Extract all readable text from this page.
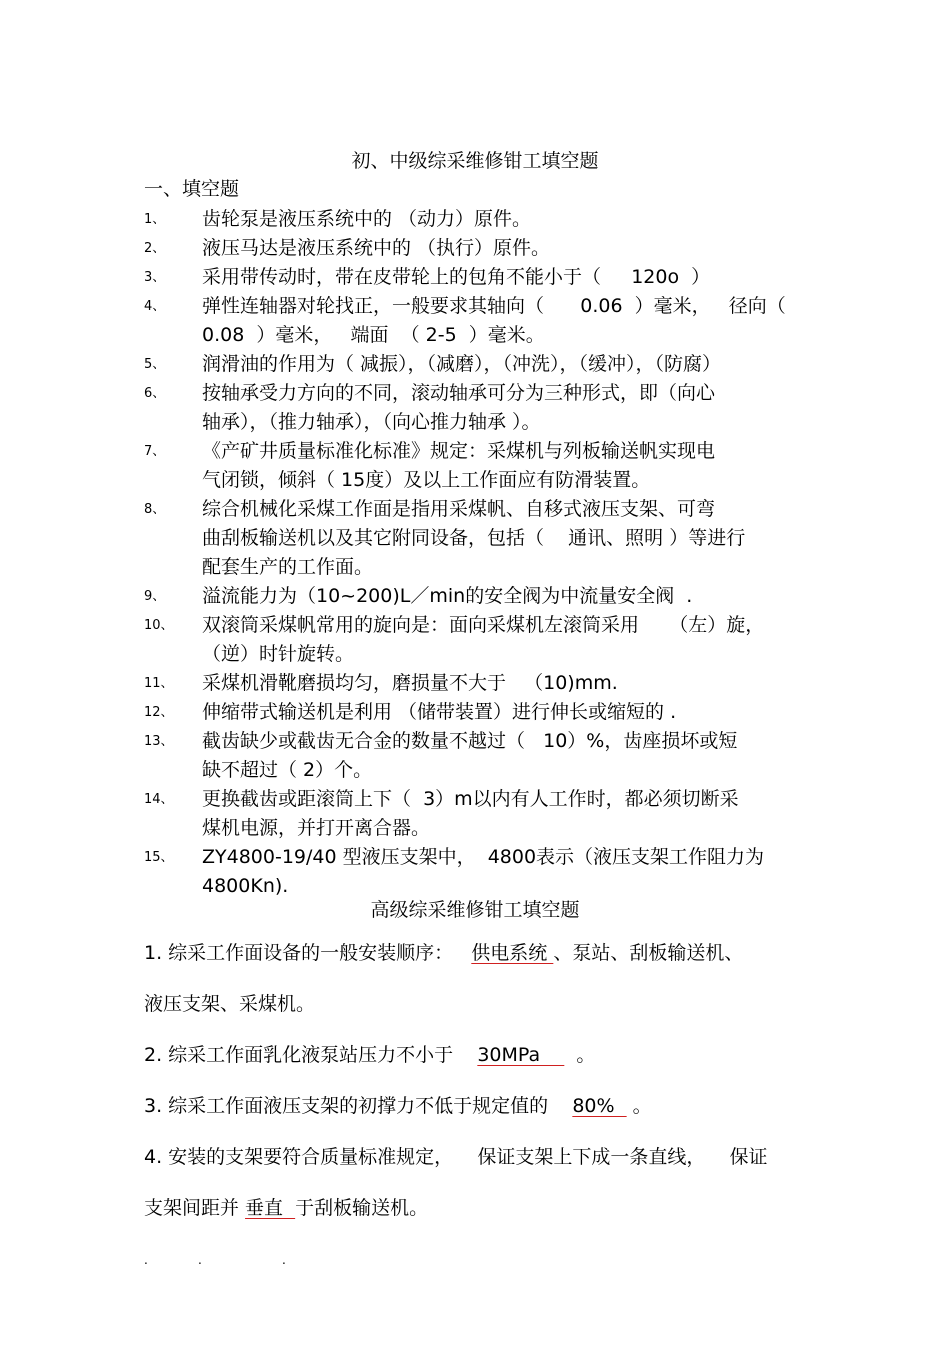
初、中级综采维修钳工填空题
一、填空题
1、 齿轮泵是液压系统中的 （动力）原件。
2、 液压马达是液压系统中的 （执行）原件。
3、 采用带传动时，带在皮带轮上的包角不能小于（     120o  ）
4、 弹性连轴器对轮找正，一般要求其轴向（      0.06  ）毫米，   径向（  0.08  ）毫米，   端面  （ 2-5  ）毫米。
5、 润滑油的作用为（ 减振），（减磨），（冲洗），（缓冲），（防腐）
6、 按轴承受力方向的不同，滚动轴承可分为三种形式，即（向心
轴承），（推力轴承），（向心推力轴承 ）。
7、 《产矿井质量标准化标准》规定：采煤机与列板输送帆实现电
气闭锁，倾斜（ 15度）及以上工作面应有防滑装置。
8、 综合机械化采煤工作面是指用采煤帆、自移式液压支架、可弯
曲刮板输送机以及其它附同设备，包括（    通讯、照明 ）等进行
配套生产的工作面。
9、 溢流能力为（10~200)L／min的安全阀为中流量安全阀  .
10、 双滚筒采煤帆常用的旋向是：面向采煤机左滚筒采用     （左）旋，
（逆）时针旋转。
11、 采煤机滑靴磨损均匀，磨损量不大于   （10)mm.
12、 伸缩带式输送机是利用 （储带装置）进行伸长或缩短的 .
13、 截齿缺少或截齿无合金的数量不越过（   10）%，齿座损坏或短
缺不超过（ 2）个。
14、 更换截齿或距滚筒上下（  3）m以内有人工作时，都必须切断采
煤机电源，并打开离合器。
15、 ZY4800-19/40 型液压支架中，  4800表示（液压支架工作阻力为
4800Kn).
高级综采维修钳工填空题

1. 综采工作面设备的一般安装顺序：   供电系统 、泵站、刮板输送机、

液压支架、采煤机。

2. 综采工作面乳化液泵站压力不小于    30MPa      。

3. 综采工作面液压支架的初撑力不低于规定值的    80%   。

4. 安装的支架要符合质量标准规定，    保证支架上下成一条直线，    保证

支架间距并 垂直  于刮板输送机。

.	.	.
